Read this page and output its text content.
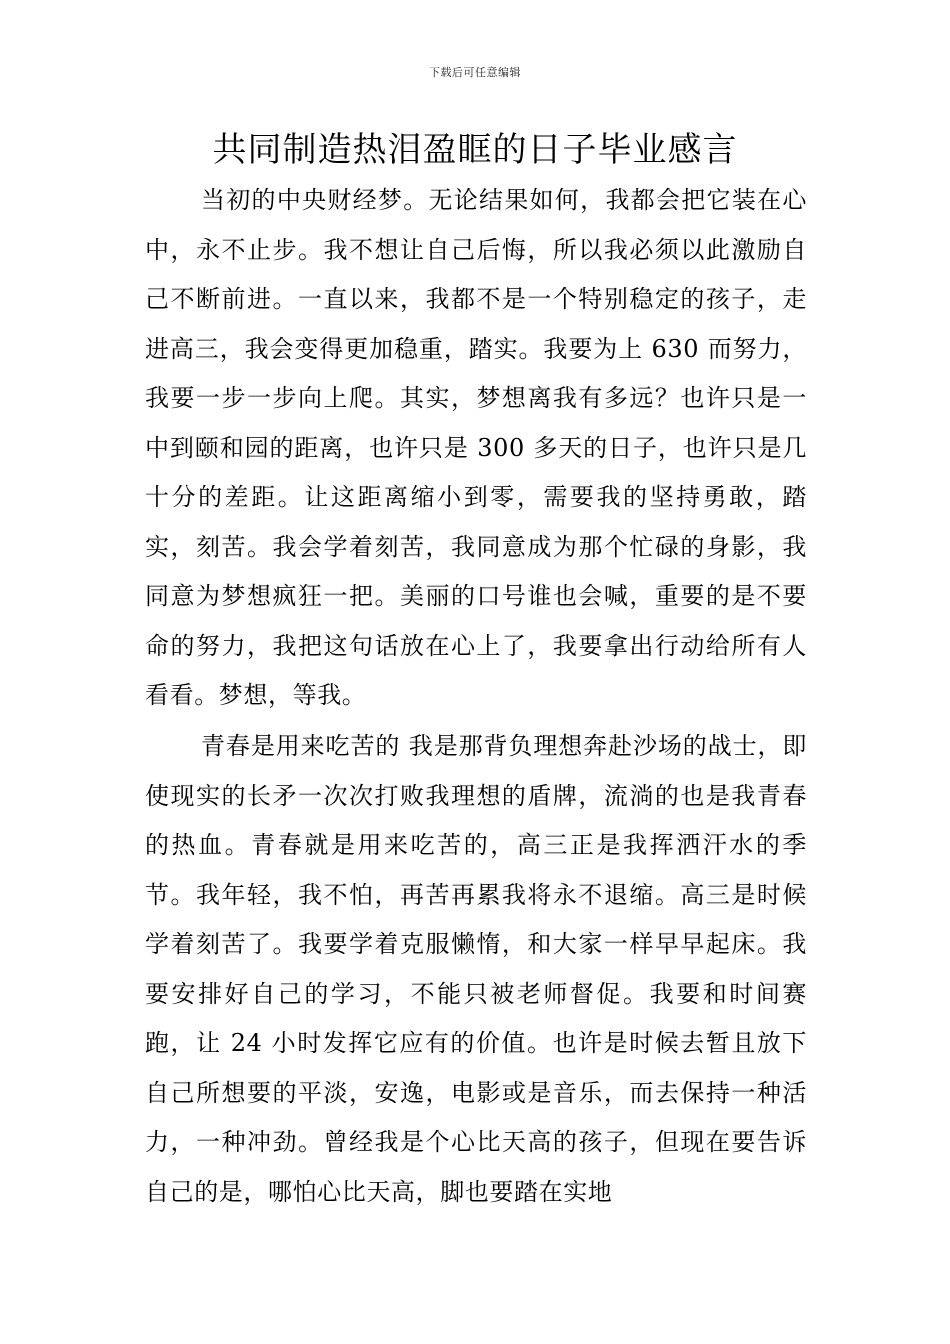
下载后可任意编辑
共同制造热泪盈眶的日子毕业感言

当初的中央财经梦。无论结果如何，我都会把它装在心中，永不止步。我不想让自己后悔，所以我必须以此激励自己不断前进。一直以来，我都不是一个特别稳定的孩子，走进高三，我会变得更加稳重，踏实。我要为上 630 而努力，我要一步一步向上爬。其实，梦想离我有多远？也许只是一中到颐和园的距离，也许只是 300 多天的日子，也许只是几十分的差距。让这距离缩小到零，需要我的坚持勇敢，踏实，刻苦。我会学着刻苦，我同意成为那个忙碌的身影，我同意为梦想疯狂一把。美丽的口号谁也会喊，重要的是不要命的努力，我把这句话放在心上了，我要拿出行动给所有人看看。梦想，等我。

青春是用来吃苦的 我是那背负理想奔赴沙场的战士，即使现实的长矛一次次打败我理想的盾牌，流淌的也是我青春的热血。青春就是用来吃苦的，高三正是我挥洒汗水的季节。我年轻，我不怕，再苦再累我将永不退缩。高三是时候学着刻苦了。我要学着克服懒惰，和大家一样早早起床。我要安排好自己的学习，不能只被老师督促。我要和时间赛跑，让 24 小时发挥它应有的价值。也许是时候去暂且放下自己所想要的平淡，安逸，电影或是音乐，而去保持一种活力，一种冲劲。曾经我是个心比天高的孩子，但现在要告诉自己的是，哪怕心比天高，脚也要踏在实地
